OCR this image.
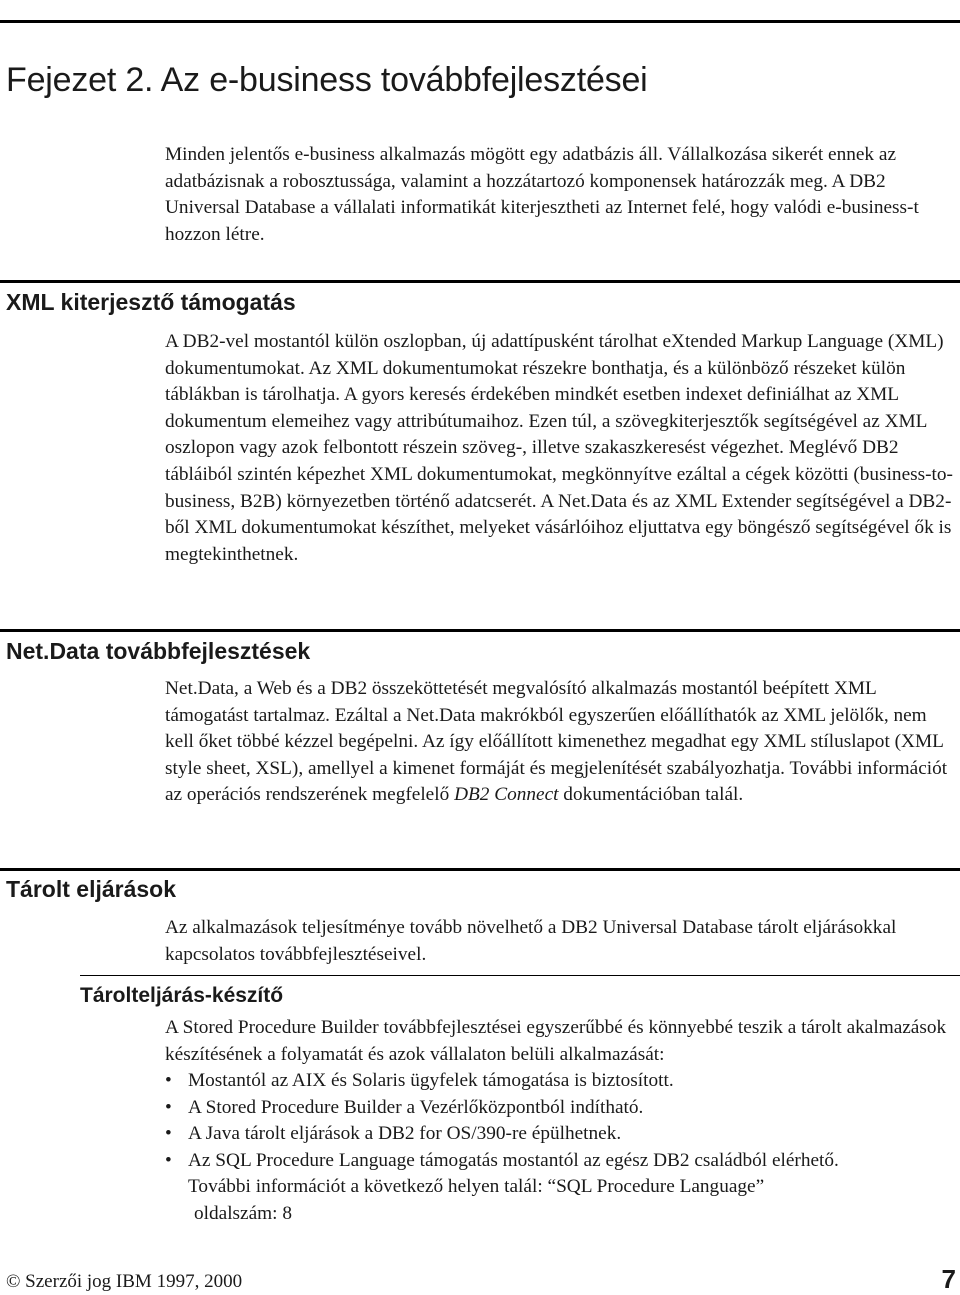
Fejezet 2. Az e-business továbbfejlesztései

Minden jelentős e-business alkalmazás mögött egy adatbázis áll. Vállalkozása sikerét ennek az adatbázisnak a robosztussága, valamint a hozzátartozó komponensek határozzák meg. A DB2 Universal Database a vállalati informatikát kiterjesztheti az Internet felé, hogy valódi e-business-t hozzon létre.

XML kiterjesztő támogatás

A DB2-vel mostantól külön oszlopban, új adattípusként tárolhat eXtended Markup Language (XML) dokumentumokat. Az XML dokumentumokat részekre bonthatja, és a különböző részeket külön táblákban is tárolhatja. A gyors keresés érdekében mindkét esetben indexet definiálhat az XML dokumentum elemeihez vagy attribútumaihoz. Ezen túl, a szövegkiterjesztők segítségével az XML oszlopon vagy azok felbontott részein szöveg-, illetve szakaszkeresést végezhet. Meglévő DB2 tábláiból szintén képezhet XML dokumentumokat, megkönnyítve ezáltal a cégek közötti (business-to-business, B2B) környezetben történő adatcserét. A Net.Data és az XML Extender segítségével a DB2-ből XML dokumentumokat készíthet, melyeket vásárlóihoz eljuttatva egy böngésző segítségével ők is megtekinthetnek.

Net.Data továbbfejlesztések

Net.Data, a Web és a DB2 összeköttetését megvalósító alkalmazás mostantól beépített XML támogatást tartalmaz. Ezáltal a Net.Data makrókból egyszerűen előállíthatók az XML jelölők, nem kell őket többé kézzel begépelni. Az így előállított kimenethez megadhat egy XML stíluslapot (XML style sheet, XSL), amellyel a kimenet formáját és megjelenítését szabályozhatja. További információt az operációs rendszerének megfelelő DB2 Connect dokumentációban talál.

Tárolt eljárások

Az alkalmazások teljesítménye tovább növelhető a DB2 Universal Database tárolt eljárásokkal kapcsolatos továbbfejlesztéseivel.

Tárolteljárás-készítő

A Stored Procedure Builder továbbfejlesztései egyszerűbbé és könnyebbé teszik a tárolt akalmazások készítésének a folyamatát és azok vállalaton belüli alkalmazását:

• Mostantól az AIX és Solaris ügyfelek támogatása is biztosított.
• A Stored Procedure Builder a Vezérlőközpontból indítható.
• A Java tárolt eljárások a DB2 for OS/390-re épülhetnek.
• Az SQL Procedure Language támogatás mostantól az egész DB2 családból elérhető.
További információt a következő helyen talál: “SQL Procedure Language”
oldalszám: 8
© Szerzői jog IBM 1997, 2000	7
